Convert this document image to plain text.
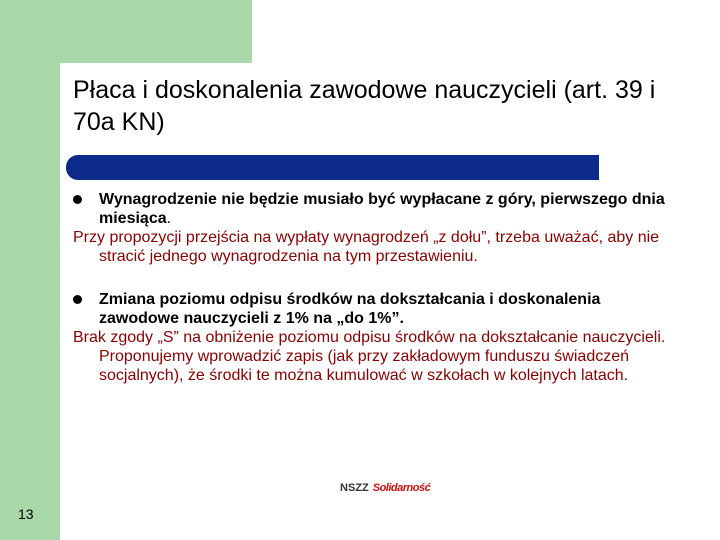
Płaca i doskonalenia zawodowe nauczycieli (art. 39 i 70a KN)
Wynagrodzenie nie będzie musiało być wypłacane z góry, pierwszego dnia miesiąca.
Przy propozycji przejścia na wypłaty wynagrodzeń „z dołu”, trzeba uważać, aby nie stracić jednego wynagrodzenia na tym przestawieniu.
Zmiana poziomu odpisu środków na dokształcania i doskonalenia zawodowe nauczycieli z 1% na „do 1%”.
Brak zgody „S” na obniżenie poziomu odpisu środków na dokształcanie nauczycieli. Proponujemy wprowadzić zapis (jak przy zakładowym funduszu świadczeń socjalnych), że środki te można kumulować w szkołach w kolejnych latach.
NSZZ Solidarność
13
